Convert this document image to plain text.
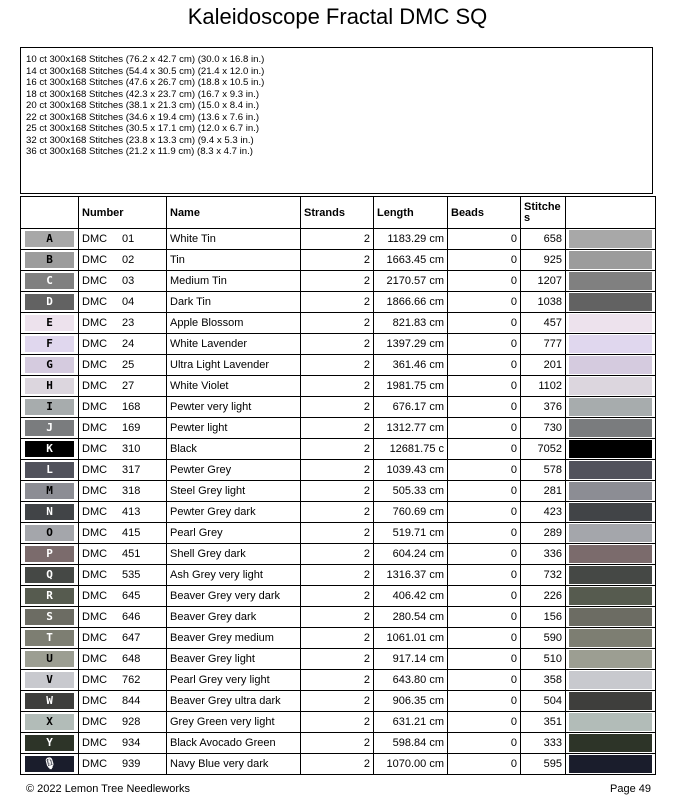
Kaleidoscope Fractal DMC SQ
10 ct 300x168 Stitches (76.2 x 42.7 cm) (30.0 x 16.8 in.)
14 ct 300x168 Stitches (54.4 x 30.5 cm) (21.4 x 12.0 in.)
16 ct 300x168 Stitches (47.6 x 26.7 cm) (18.8 x 10.5 in.)
18 ct 300x168 Stitches (42.3 x 23.7 cm) (16.7 x 9.3 in.)
20 ct 300x168 Stitches (38.1 x 21.3 cm) (15.0 x 8.4 in.)
22 ct 300x168 Stitches (34.6 x 19.4 cm) (13.6 x 7.6 in.)
25 ct 300x168 Stitches (30.5 x 17.1 cm) (12.0 x 6.7 in.)
32 ct 300x168 Stitches (23.8 x 13.3 cm) (9.4 x 5.3 in.)
36 ct 300x168 Stitches (21.2 x 11.9 cm) (8.3 x 4.7 in.)
	Number	Name	Strands	Length	Beads	Stitches	

A	DMC 01	White Tin	2	1183.29 cm	0	658	

B	DMC 02	Tin	2	1663.45 cm	0	925	

C	DMC 03	Medium Tin	2	2170.57 cm	0	1207	

D	DMC 04	Dark Tin	2	1866.66 cm	0	1038	

E	DMC 23	Apple Blossom	2	821.83 cm	0	457	

F	DMC 24	White Lavender	2	1397.29 cm	0	777	

G	DMC 25	Ultra Light Lavender	2	361.46 cm	0	201	

H	DMC 27	White Violet	2	1981.75 cm	0	1102	

I	DMC 168	Pewter very light	2	676.17 cm	0	376	

J	DMC 169	Pewter light	2	1312.77 cm	0	730	

K	DMC 310	Black	2	12681.75 c	0	7052	

L	DMC 317	Pewter Grey	2	1039.43 cm	0	578	

M	DMC 318	Steel Grey light	2	505.33 cm	0	281	

N	DMC 413	Pewter Grey dark	2	760.69 cm	0	423	

O	DMC 415	Pearl Grey	2	519.71 cm	0	289	

P	DMC 451	Shell Grey dark	2	604.24 cm	0	336	

Q	DMC 535	Ash Grey very light	2	1316.37 cm	0	732	

R	DMC 645	Beaver Grey very dark	2	406.42 cm	0	226	

S	DMC 646	Beaver Grey dark	2	280.54 cm	0	156	

T	DMC 647	Beaver Grey medium	2	1061.01 cm	0	590	

U	DMC 648	Beaver Grey light	2	917.14 cm	0	510	

V	DMC 762	Pearl Grey very light	2	643.80 cm	0	358	

W	DMC 844	Beaver Grey ultra dark	2	906.35 cm	0	504	

X	DMC 928	Grey Green very light	2	631.21 cm	0	351	

Y	DMC 934	Black Avocado Green	2	598.84 cm	0	333	

🎙	DMC 939	Navy Blue very dark	2	1070.00 cm	0	595	
© 2022 Lemon Tree Needleworks	Page 49
